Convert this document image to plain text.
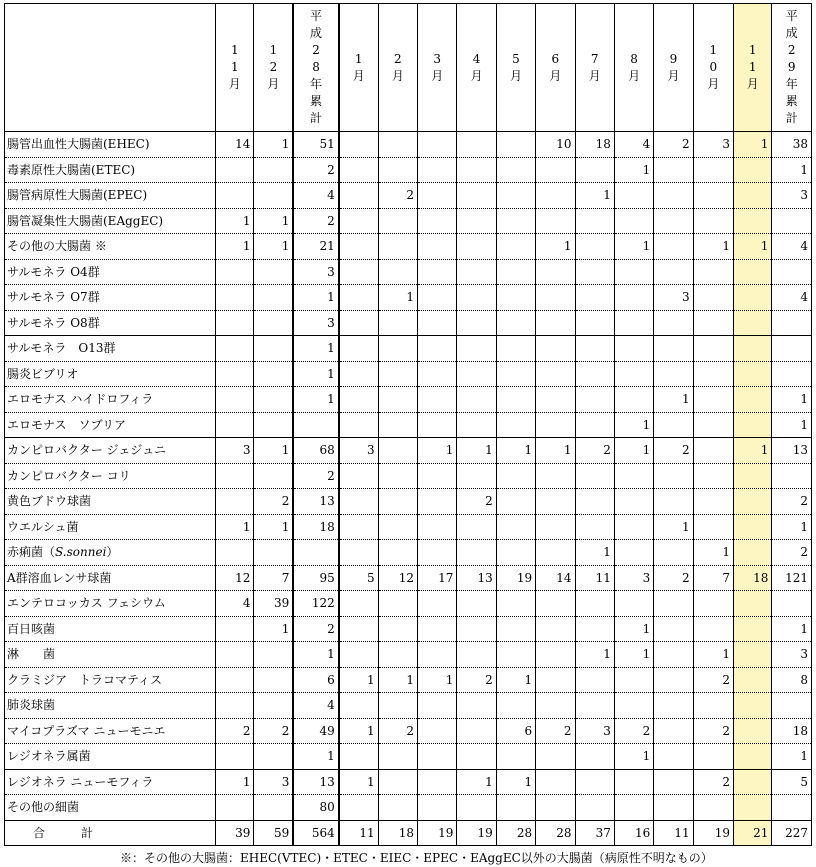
	11月	12月	平成28年累計	1月	2月	3月	4月	5月	6月	7月	8月	9月	10月	11月	平成29年累計
腸管出血性大腸菌(EHEC)	14	1	51						10	18	4	2	3	1	38
毒素原性大腸菌(ETEC)			2								1				1
腸管病原性大腸菌(EPEC)			4		2					1					3
腸管凝集性大腸菌(EAggEC)	1	1	2												
その他の大腸菌 ※	1	1	21						1		1		1	1	4
サルモネラ O4群			3												
サルモネラ O7群			1		1							3			4
サルモネラ O8群			3												
サルモネラ　O13群			1												
腸炎ビブリオ			1												
エロモナス ハイドロフィラ			1									1			1
エロモナス　ソブリア											1				1
カンピロバクター ジェジュニ	3	1	68	3		1	1	1	1	2	1	2		1	13
カンピロバクター コリ			2												
黄色ブドウ球菌		2	13				2								2
ウエルシュ菌	1	1	18									1			1
赤痢菌（S.sonnei）										1			1		2
A群溶血レンサ球菌	12	7	95	5	12	17	13	19	14	11	3	2	7	18	121
エンテロコッカス フェシウム	4	39	122												
百日咳菌		1	2								1				1
淋　　菌			1							1	1		1		3
クラミジア　トラコマティス			6	1	1	1	2	1					2		8
肺炎球菌			4												
マイコプラズマ ニューモニエ	2	2	49	1	2			6	2	3	2		2		18
レジオネラ属菌			1								1				1
レジオネラ ニューモフィラ	1	3	13	1			1	1					2		5
その他の細菌			80												
合　　　計	39	59	564	11	18	19	19	28	28	37	16	11	19	21	227
※：その他の大腸菌：EHEC(VTEC)・ETEC・EIEC・EPEC・EAggEC以外の大腸菌（病原性不明なもの）
